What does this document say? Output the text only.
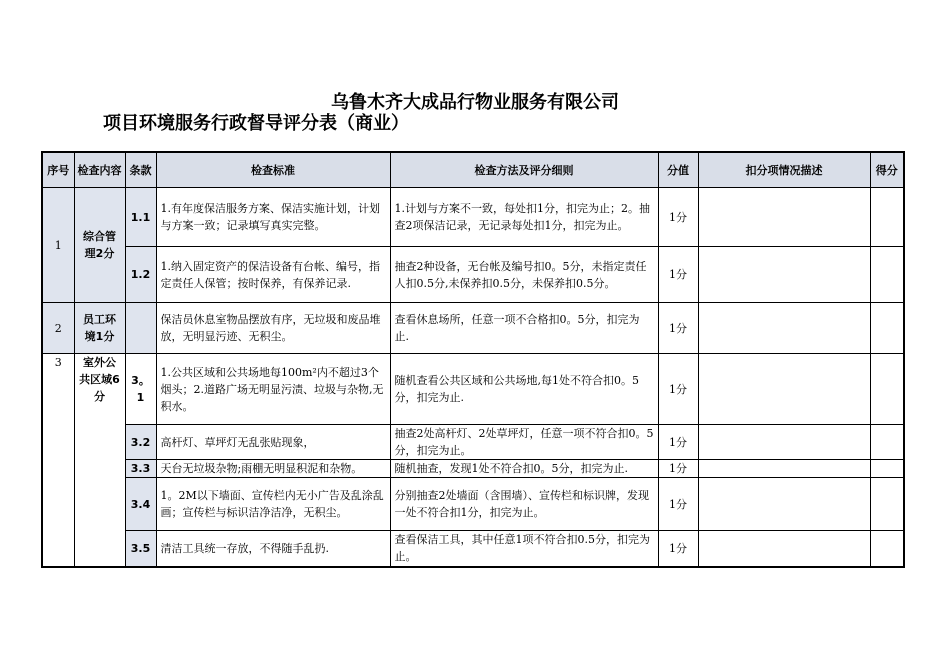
乌鲁木齐大成品行物业服务有限公司
项目环境服务行政督导评分表（商业）
序号	检查内容	条款	检查标准	检查方法及评分细则	分值	扣分项情况描述	得分
1	综合管理2分	1.1	1.有年度保洁服务方案、保洁实施计划，计划与方案一致；记录填写真实完整。	1.计划与方案不一致，每处扣1分，扣完为止；2。抽查2项保洁记录，无记录每处扣1分，扣完为止。	1分		
		1.2	1.纳入固定资产的保洁设备有台帐、编号，指定责任人保管；按时保养，有保养记录.	抽查2种设备，无台帐及编号扣0。5分，未指定责任人扣0.5分,未保养扣0.5分，未保养扣0.5分。	1分		
2	员工环境1分		保洁员休息室物品摆放有序，无垃圾和废品堆放，无明显污迹、无积尘。	查看休息场所，任意一项不合格扣0。5分，扣完为止.	1分		
3	室外公共区域6分	3。1	1.公共区域和公共场地每100m²内不超过3个烟头；2.道路广场无明显污渍、垃圾与杂物,无积水。	随机查看公共区域和公共场地,每1处不符合扣0。5分，扣完为止.	1分		
		3.2	高杆灯、草坪灯无乱张贴现象，	抽查2处高杆灯、2处草坪灯，任意一项不符合扣0。5分，扣完为止。	1分		
		3.3	天台无垃圾杂物;雨棚无明显积泥和杂物。	随机抽查，发现1处不符合扣0。5分，扣完为止.	1分		
		3.4	1。2M以下墙面、宣传栏内无小广告及乱涂乱画；宣传栏与标识洁净洁净，无积尘。	分别抽查2处墙面（含围墙）、宣传栏和标识牌，发现一处不符合扣1分，扣完为止。	1分		
		3.5	清洁工具统一存放，不得随手乱扔.	查看保洁工具，其中任意1项不符合扣0.5分，扣完为止。	1分		
